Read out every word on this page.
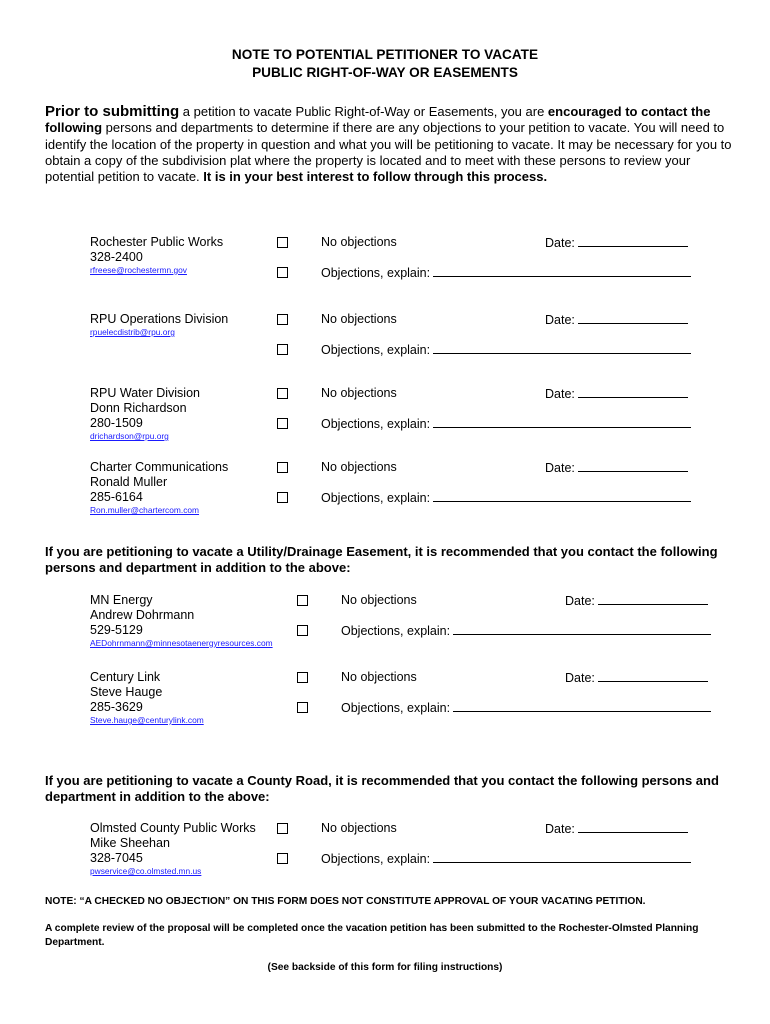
NOTE TO POTENTIAL PETITIONER TO VACATE
PUBLIC RIGHT-OF-WAY OR EASEMENTS

Prior to submitting a petition to vacate Public Right-of-Way or Easements, you are encouraged to contact the following persons and departments to determine if there are any objections to your petition to vacate. You will need to identify the location of the property in question and what you will be petitioning to vacate. It may be necessary for you to obtain a copy of the subdivision plat where the property is located and to meet with these persons to review your potential petition to vacate. It is in your best interest to follow through this process.

Rochester Public Works
328-2400
rfreese@rochestermn.gov
No objections	Date:
Objections, explain:
RPU Operations Division
rpuelecdistrib@rpu.org
No objections	Date:
Objections, explain:
RPU Water Division
Donn Richardson
280-1509
drichardson@rpu.org
No objections	Date:
Objections, explain:
Charter Communications
Ronald Muller
285-6164
Ron.muller@chartercom.com
No objections	Date:
Objections, explain:
MN Energy
Andrew Dohrmann
529-5129
AEDohrnmann@minnesotaenergyresources.com
No objections	Date:
Objections, explain:
Century Link
Steve Hauge
285-3629
Steve.hauge@centurylink.com
No objections	Date:
Objections, explain:
Olmsted County Public Works
Mike Sheehan
328-7045
pwservice@co.olmsted.mn.us
No objections	Date:
Objections, explain:

If you are petitioning to vacate a Utility/Drainage Easement, it is recommended that you contact the following persons and department in addition to the above:

If you are petitioning to vacate a County Road, it is recommended that you contact the following persons and department in addition to the above:

NOTE: “A CHECKED NO OBJECTION” ON THIS FORM DOES NOT CONSTITUTE APPROVAL OF YOUR VACATING PETITION.

A complete review of the proposal will be completed once the vacation petition has been submitted to the Rochester-Olmsted Planning Department.

(See backside of this form for filing instructions)
